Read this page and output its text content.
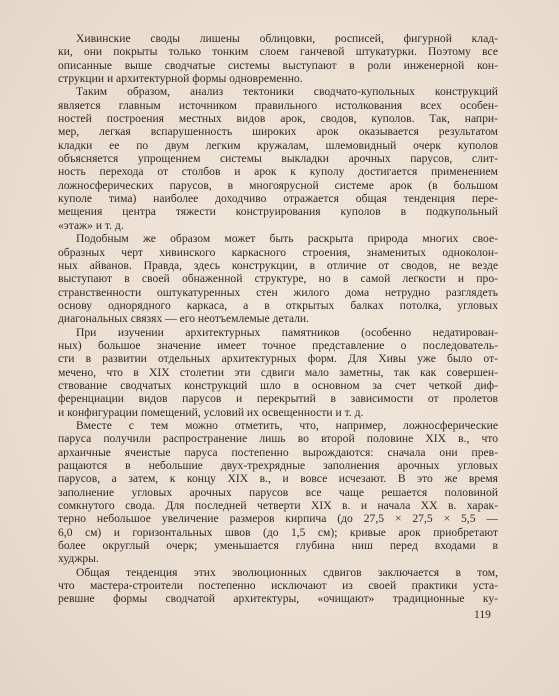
Хивинские своды лишены облицовки, росписей, фигурной клад-
ки, они покрыты только тонким слоем ганчевой штукатурки. Поэтому все
описанные выше сводчатые системы выступают в роли инженерной кон-
струкции и архитектурной формы одновременно.
Таким образом, анализ тектоники сводчато-купольных конструкций
является главным источником правильного истолкования всех особен-
ностей построения местных видов арок, сводов, куполов. Так, напри-
мер, легкая вспарушенность широких арок оказывается результатом
кладки ее по двум легким кружалам, шлемовидный очерк куполов
объясняется упрощением системы выкладки арочных парусов, слит-
ность перехода от столбов и арок к куполу достигается применением
ложносферических парусов, в многоярусной системе арок (в большом
куполе тима) наиболее доходчиво отражается общая тенденция пере-
мещения центра тяжести конструирования куполов в подкупольный
«этаж» и т. д.
Подобным же образом может быть раскрыта природа многих свое-
образных черт хивинского каркасного строения, знаменитых одноколон-
ных айванов. Правда, здесь конструкции, в отличие от сводов, не везде
выступают в своей обнаженной структуре, но в самой легкости и про-
странственности оштукатуренных стен жилого дома нетрудно разглядеть
основу однорядного каркаса, а в открытых балках потолка, угловых
диагональных связях — его неотъемлемые детали.
При изучении архитектурных памятников (особенно недатирован-
ных) большое значение имеет точное представление о последователь-
сти в развитии отдельных архитектурных форм. Для Хивы уже было от-
мечено, что в XIX столетии эти сдвиги мало заметны, так как совершен-
ствование сводчатых конструкций шло в основном за счет четкой диф-
ференциации видов парусов и перекрытий в зависимости от пролетов
и конфигурации помещений, условий их освещенности и т. д.
Вместе с тем можно отметить, что, например, ложносферические
паруса получили распространение лишь во второй половине XIX в., что
архаичные ячеистые паруса постепенно вырождаются: сначала они прев-
ращаются в небольшие двух-трехрядные заполнения арочных угловых
парусов, а затем, к концу XIX в., и вовсе исчезают. В это же время
заполнение угловых арочных парусов все чаще решается половиной
сомкнутого свода. Для последней четверти XIX в. и начала XX в. харак-
терно небольшое увеличение размеров кирпича (до 27,5 × 27,5 × 5,5 —
6,0 см) и горизонтальных швов (до 1,5 см); кривые арок приобретают
более округлый очерк; уменьшается глубина ниш перед входами в
худжры.
Общая тенденция этих эволюционных сдвигов заключается в том,
что мастера-строители постепенно исключают из своей практики уста-
ревшие формы сводчатой архитектуры, «очищают» традиционные ку-
119
